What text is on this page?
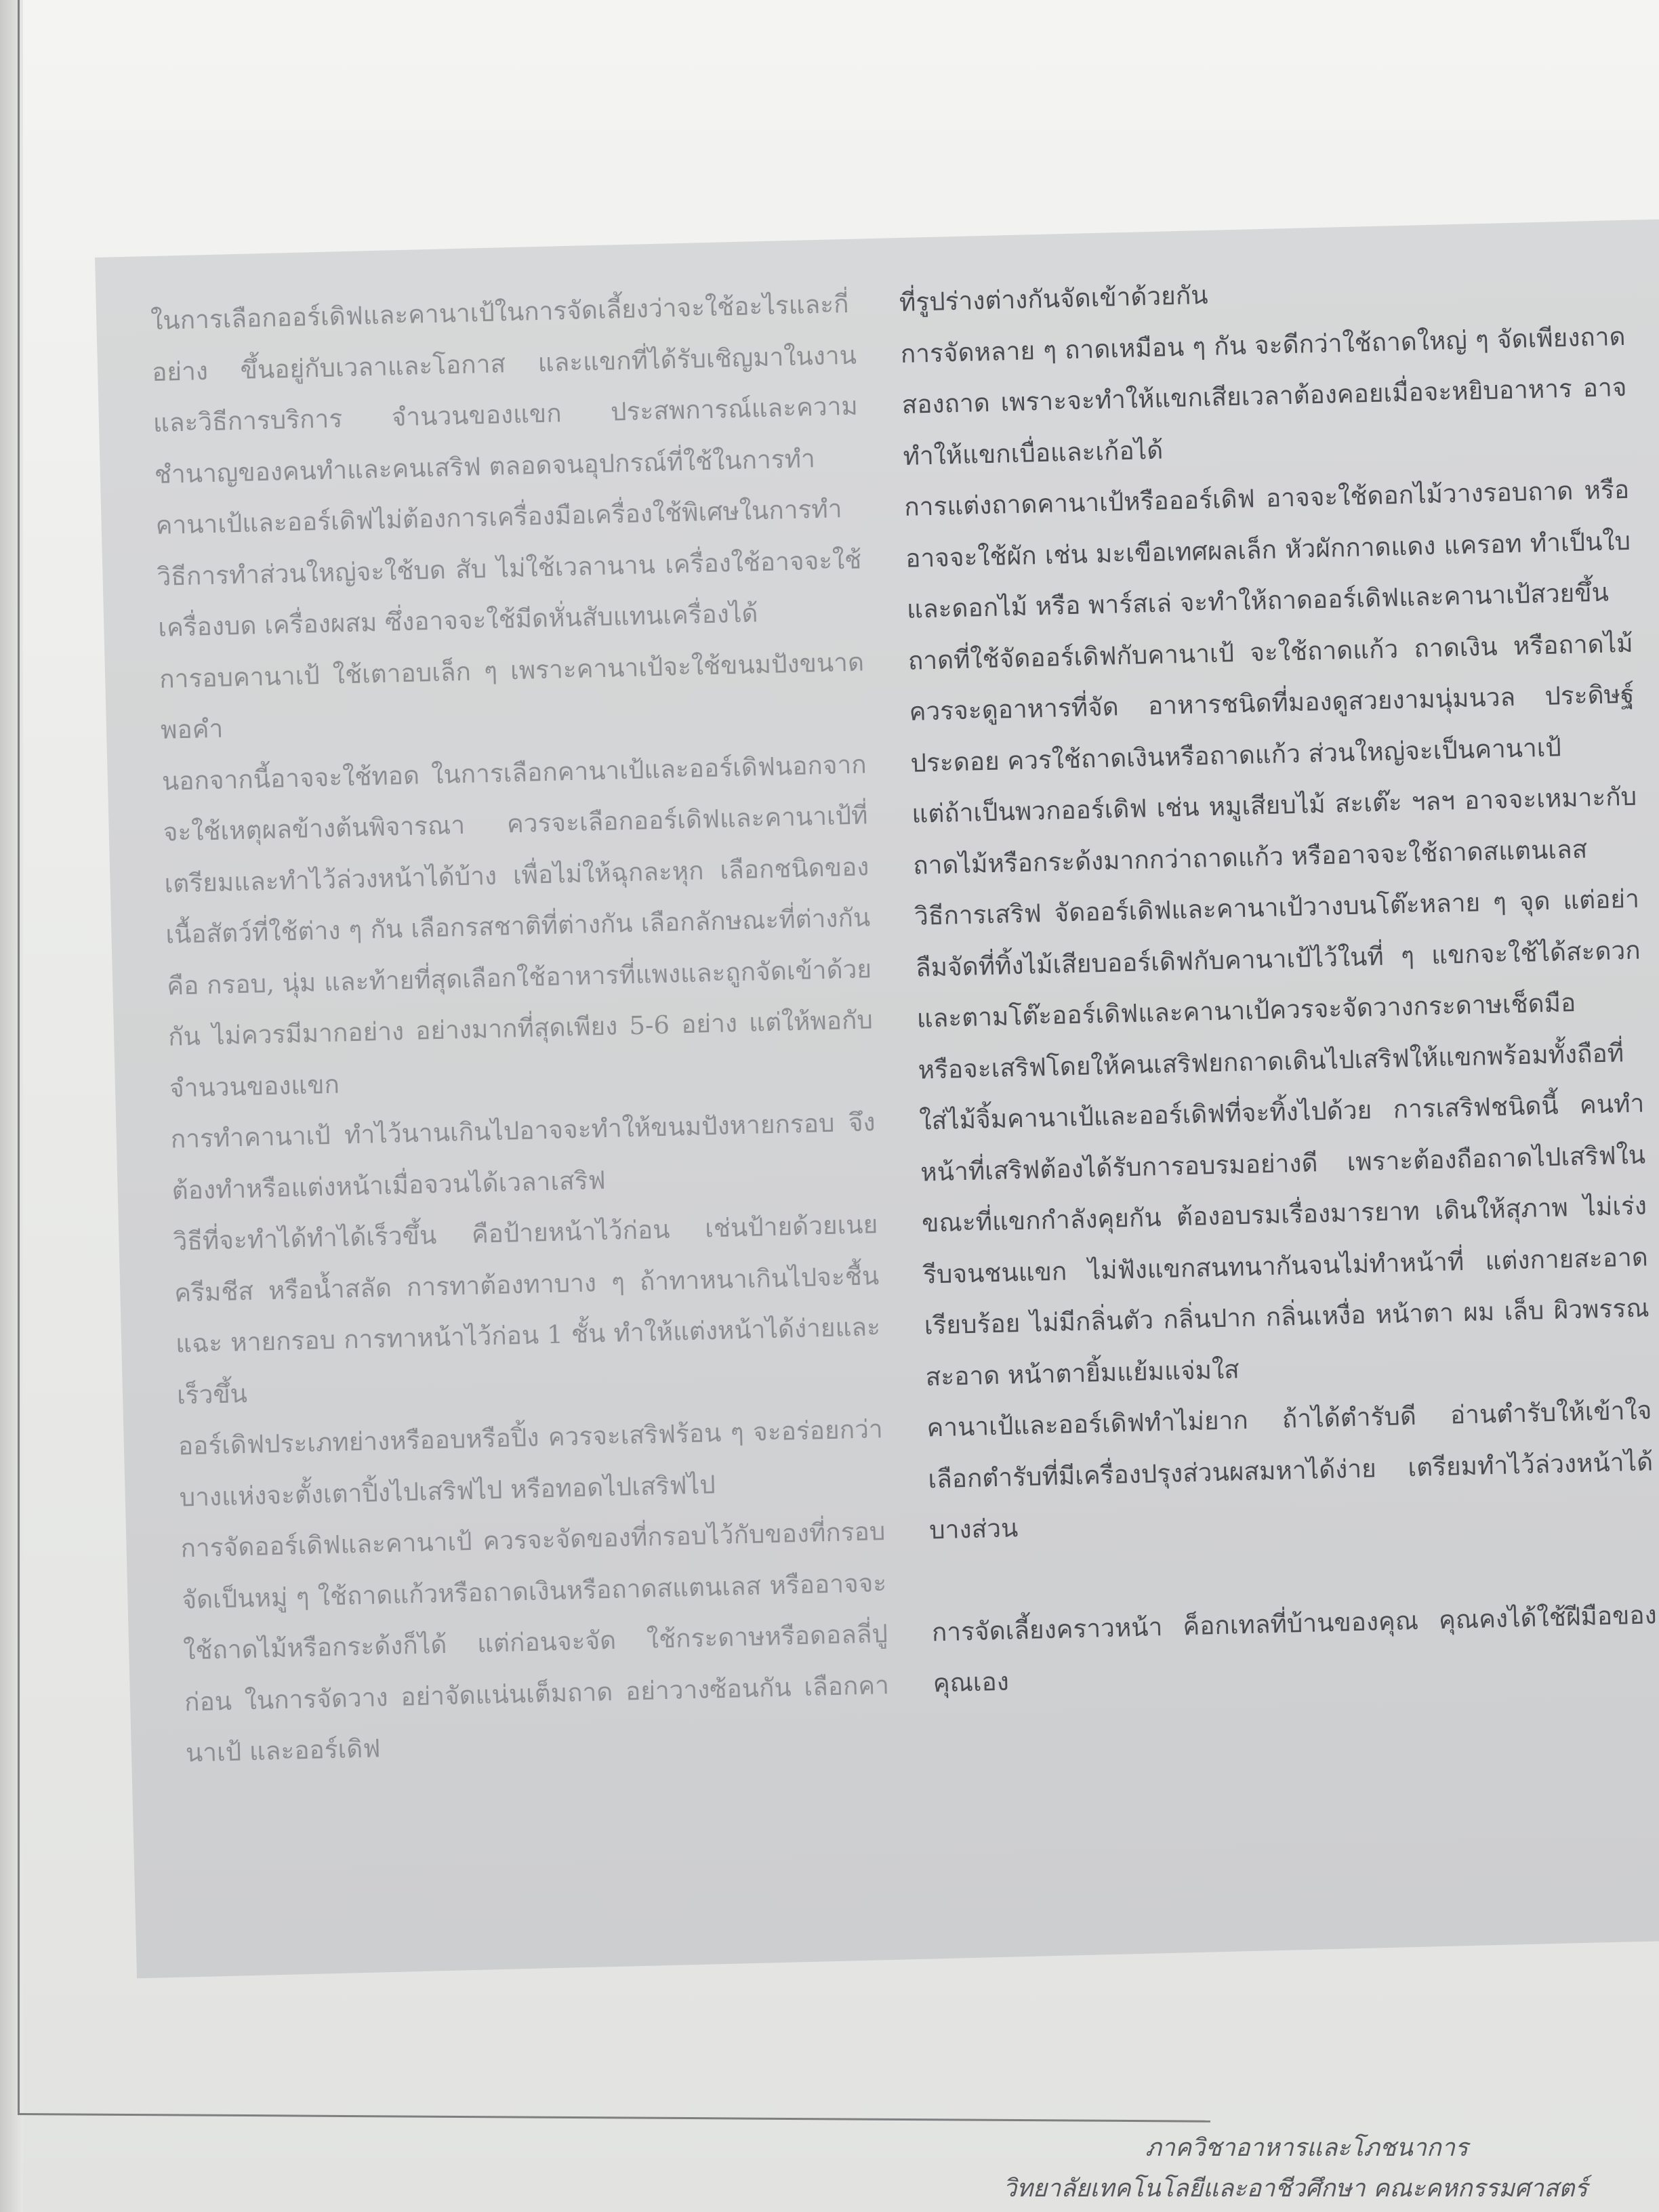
ในการเลือกออร์เดิฟและคานาเป้ในการจัดเลี้ยงว่าจะใช้อะไรและกี่อย่าง ขึ้นอยู่กับเวลาและโอกาส และแขกที่ได้รับเชิญมาในงาน และวิธีการบริการ จำนวนของแขก ประสพการณ์และความชำนาญของคนทำและคนเสริฟ ตลอดจนอุปกรณ์ที่ใช้ในการทำ

คานาเป้และออร์เดิฟไม่ต้องการเครื่องมือเครื่องใช้พิเศษในการทำ วิธีการทำส่วนใหญ่จะใช้บด สับ ไม่ใช้เวลานาน เครื่องใช้อาจจะใช้เครื่องบด เครื่องผสม ซึ่งอาจจะใช้มีดหั่นสับแทนเครื่องได้

การอบคานาเป้ ใช้เตาอบเล็ก ๆ เพราะคานาเป้จะใช้ขนมปังขนาดพอคำ

นอกจากนี้อาจจะใช้ทอด ในการเลือกคานาเป้และออร์เดิฟนอกจากจะใช้เหตุผลข้างต้นพิจารณา ควรจะเลือกออร์เดิฟและคานาเป้ที่เตรียมและทำไว้ล่วงหน้าได้บ้าง เพื่อไม่ให้ฉุกละหุก เลือกชนิดของเนื้อสัตว์ที่ใช้ต่าง ๆ กัน เลือกรสชาติที่ต่างกัน เลือกลักษณะที่ต่างกัน คือ กรอบ, นุ่ม และท้ายที่สุดเลือกใช้อาหารที่แพงและถูกจัดเข้าด้วยกัน ไม่ควรมีมากอย่าง อย่างมากที่สุดเพียง 5-6 อย่าง แต่ให้พอกับจำนวนของแขก

การทำคานาเป้ ทำไว้นานเกินไปอาจจะทำให้ขนมปังหายกรอบ จึงต้องทำหรือแต่งหน้าเมื่อจวนได้เวลาเสริฟ

วิธีที่จะทำได้ทำได้เร็วขึ้น คือป้ายหน้าไว้ก่อน เช่นป้ายด้วยเนย ครีมชีส หรือน้ำสลัด การทาต้องทาบาง ๆ ถ้าทาหนาเกินไปจะชื้นแฉะ หายกรอบ การทาหน้าไว้ก่อน 1 ชั้น ทำให้แต่งหน้าได้ง่ายและเร็วขึ้น

ออร์เดิฟประเภทย่างหรืออบหรือปิ้ง ควรจะเสริฟร้อน ๆ จะอร่อยกว่า บางแห่งจะตั้งเตาปิ้งไปเสริฟไป หรือทอดไปเสริฟไป

การจัดออร์เดิฟและคานาเป้ ควรจะจัดของที่กรอบไว้กับของที่กรอบ จัดเป็นหมู่ ๆ ใช้ถาดแก้วหรือถาดเงินหรือถาดสแตนเลส หรืออาจจะใช้ถาดไม้หรือกระด้งก็ได้ แต่ก่อนจะจัด ใช้กระดาษหรือดอลลี่ปูก่อน ในการจัดวาง อย่าจัดแน่นเต็มถาด อย่าวางซ้อนกัน เลือกคานาเป้ และออร์เดิฟ

ที่รูปร่างต่างกันจัดเข้าด้วยกัน

การจัดหลาย ๆ ถาดเหมือน ๆ กัน จะดีกว่าใช้ถาดใหญ่ ๆ จัดเพียงถาดสองถาด เพราะจะทำให้แขกเสียเวลาต้องคอยเมื่อจะหยิบอาหาร อาจทำให้แขกเบื่อและเก้อได้

การแต่งถาดคานาเป้หรือออร์เดิฟ อาจจะใช้ดอกไม้วางรอบถาด หรืออาจจะใช้ผัก เช่น มะเขือเทศผลเล็ก หัวผักกาดแดง แครอท ทำเป็นใบและดอกไม้ หรือ พาร์สเล่ จะทำให้ถาดออร์เดิฟและคานาเป้สวยขึ้น

ถาดที่ใช้จัดออร์เดิฟกับคานาเป้ จะใช้ถาดแก้ว ถาดเงิน หรือถาดไม้ ควรจะดูอาหารที่จัด อาหารชนิดที่มองดูสวยงามนุ่มนวล ประดิษฐ์ประดอย ควรใช้ถาดเงินหรือถาดแก้ว ส่วนใหญ่จะเป็นคานาเป้

แต่ถ้าเป็นพวกออร์เดิฟ เช่น หมูเสียบไม้ สะเต๊ะ ฯลฯ อาจจะเหมาะกับถาดไม้หรือกระด้งมากกว่าถาดแก้ว หรืออาจจะใช้ถาดสแตนเลส

วิธีการเสริฟ จัดออร์เดิฟและคานาเป้วางบนโต๊ะหลาย ๆ จุด แต่อย่าลืมจัดที่ทิ้งไม้เสียบออร์เดิฟกับคานาเป้ไว้ในที่ ๆ แขกจะใช้ได้สะดวก และตามโต๊ะออร์เดิฟและคานาเป้ควรจะจัดวางกระดาษเช็ดมือ

หรือจะเสริฟโดยให้คนเสริฟยกถาดเดินไปเสริฟให้แขกพร้อมทั้งถือที่ใส่ไม้จิ้มคานาเป้และออร์เดิฟที่จะทิ้งไปด้วย การเสริฟชนิดนี้ คนทำหน้าที่เสริฟต้องได้รับการอบรมอย่างดี เพราะต้องถือถาดไปเสริฟในขณะที่แขกกำลังคุยกัน ต้องอบรมเรื่องมารยาท เดินให้สุภาพ ไม่เร่งรีบจนชนแขก ไม่ฟังแขกสนทนากันจนไม่ทำหน้าที่ แต่งกายสะอาดเรียบร้อย ไม่มีกลิ่นตัว กลิ่นปาก กลิ่นเหงื่อ หน้าตา ผม เล็บ ผิวพรรณสะอาด หน้าตายิ้มแย้มแจ่มใส

คานาเป้และออร์เดิฟทำไม่ยาก ถ้าได้ตำรับดี อ่านตำรับให้เข้าใจ เลือกตำรับที่มีเครื่องปรุงส่วนผสมหาได้ง่าย เตรียมทำไว้ล่วงหน้าได้บางส่วน

การจัดเลี้ยงคราวหน้า ค็อกเทลที่บ้านของคุณ คุณคงได้ใช้ฝีมือของคุณเอง

ภาควิชาอาหารและโภชนาการ
วิทยาลัยเทคโนโลยีและอาชีวศึกษา คณะคหกรรมศาสตร์
